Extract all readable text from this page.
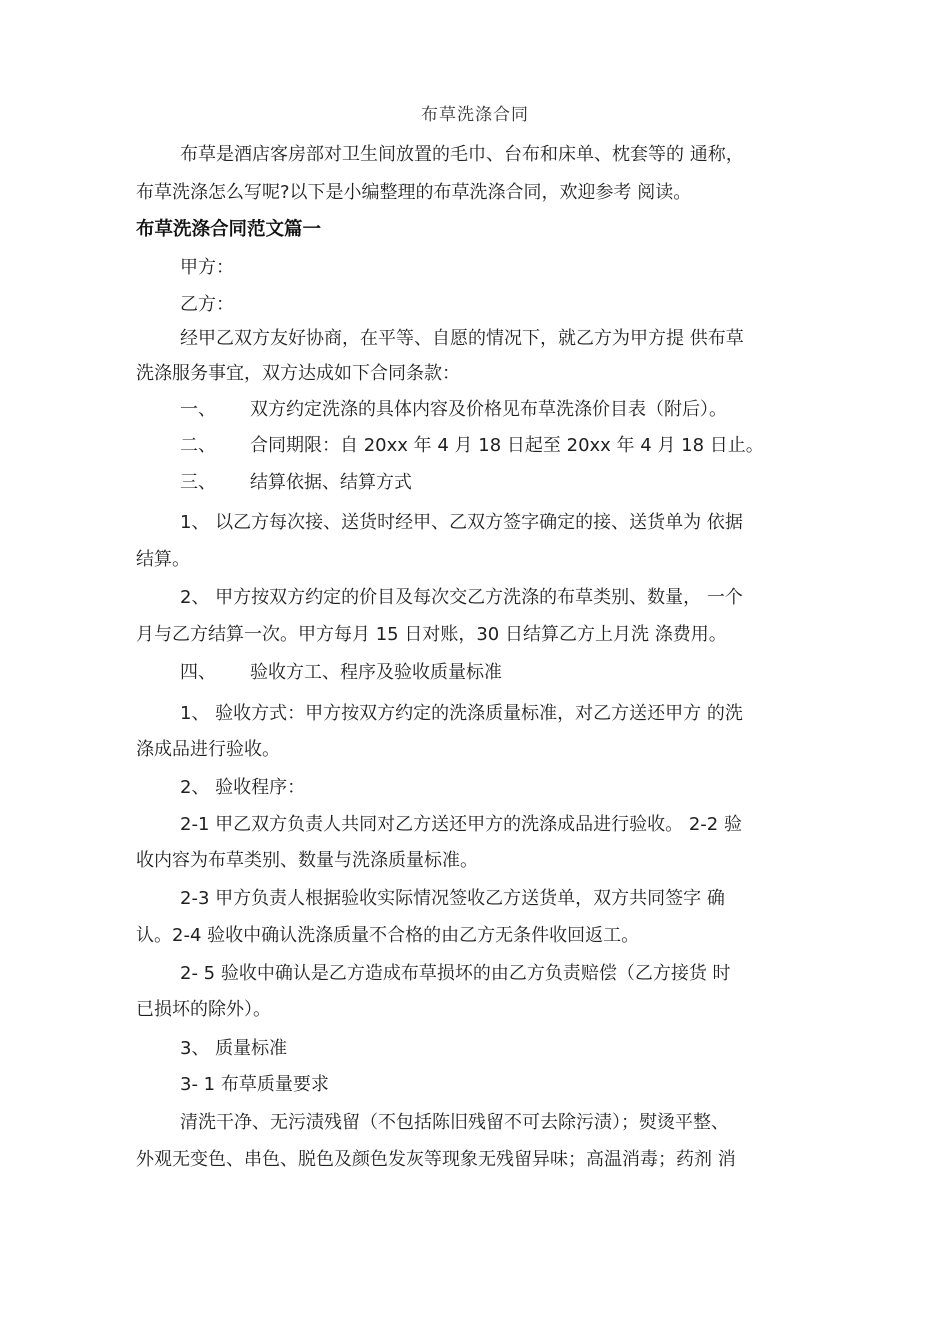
布草洗涤合同
布草是酒店客房部对卫生间放置的毛巾、台布和床单、枕套等的 通称，
布草洗涤怎么写呢?以下是小编整理的布草洗涤合同，欢迎参考 阅读。
布草洗涤合同范文篇一
甲方：
乙方：
经甲乙双方友好协商，在平等、自愿的情况下，就乙方为甲方提 供布草
洗涤服务事宜，双方达成如下合同条款：
一、 双方约定洗涤的具体内容及价格见布草洗涤价目表（附后）。
二、 合同期限：自 20xx 年 4 月 18 日起至 20xx 年 4 月 18 日止。
三、 结算依据、结算方式
1、 以乙方每次接、送货时经甲、乙双方签字确定的接、送货单为 依据
结算。
2、 甲方按双方约定的价目及每次交乙方洗涤的布草类别、数量， 一个
月与乙方结算一次。甲方每月 15 日对账，30 日结算乙方上月洗 涤费用。
四、 验收方工、程序及验收质量标准
1、 验收方式：甲方按双方约定的洗涤质量标准，对乙方送还甲方 的洗
涤成品进行验收。
2、 验收程序：
2-1 甲乙双方负责人共同对乙方送还甲方的洗涤成品进行验收。 2-2 验
收内容为布草类别、数量与洗涤质量标准。
2-3 甲方负责人根据验收实际情况签收乙方送货单，双方共同签字 确
认。2-4 验收中确认洗涤质量不合格的由乙方无条件收回返工。
2- 5 验收中确认是乙方造成布草损坏的由乙方负责赔偿（乙方接货 时
已损坏的除外）。
3、 质量标准
3- 1 布草质量要求
清洗干净、无污渍残留（不包括陈旧残留不可去除污渍）；熨烫平整、
外观无变色、串色、脱色及颜色发灰等现象无残留异味；高温消毒；药剂 消
